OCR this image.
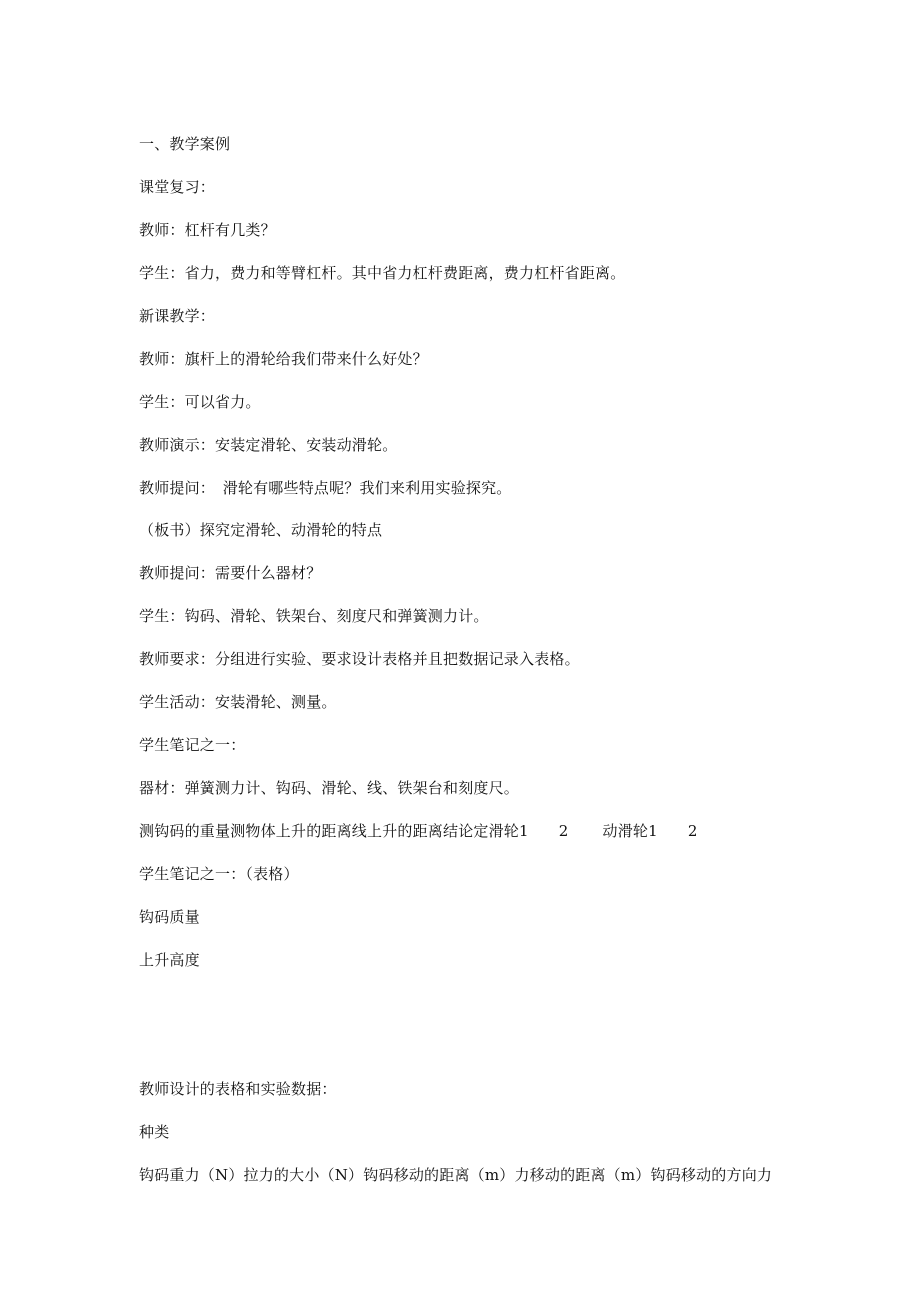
一、教学案例
课堂复习：
教师：杠杆有几类？
学生：省力，费力和等臂杠杆。其中省力杠杆费距离，费力杠杆省距离。
新课教学：
教师：旗杆上的滑轮给我们带来什么好处？
学生：可以省力。
教师演示：安装定滑轮、安装动滑轮。
教师提问：　滑轮有哪些特点呢？我们来利用实验探究。
（板书）探究定滑轮、动滑轮的特点
教师提问：需要什么器材？
学生：钩码、滑轮、铁架台、刻度尺和弹簧测力计。
教师要求：分组进行实验、要求设计表格并且把数据记录入表格。
学生活动：安装滑轮、测量。
学生笔记之一：
器材：弹簧测力计、钩码、滑轮、线、铁架台和刻度尺。
测钩码的重量测物体上升的距离线上升的距离结论定滑轮1 2 动滑轮1 2
学生笔记之一：（表格）
钩码质量
上升高度
教师设计的表格和实验数据：
种类
钩码重力（N）拉力的大小（N）钩码移动的距离（m）力移动的距离（m）钩码移动的方向力
